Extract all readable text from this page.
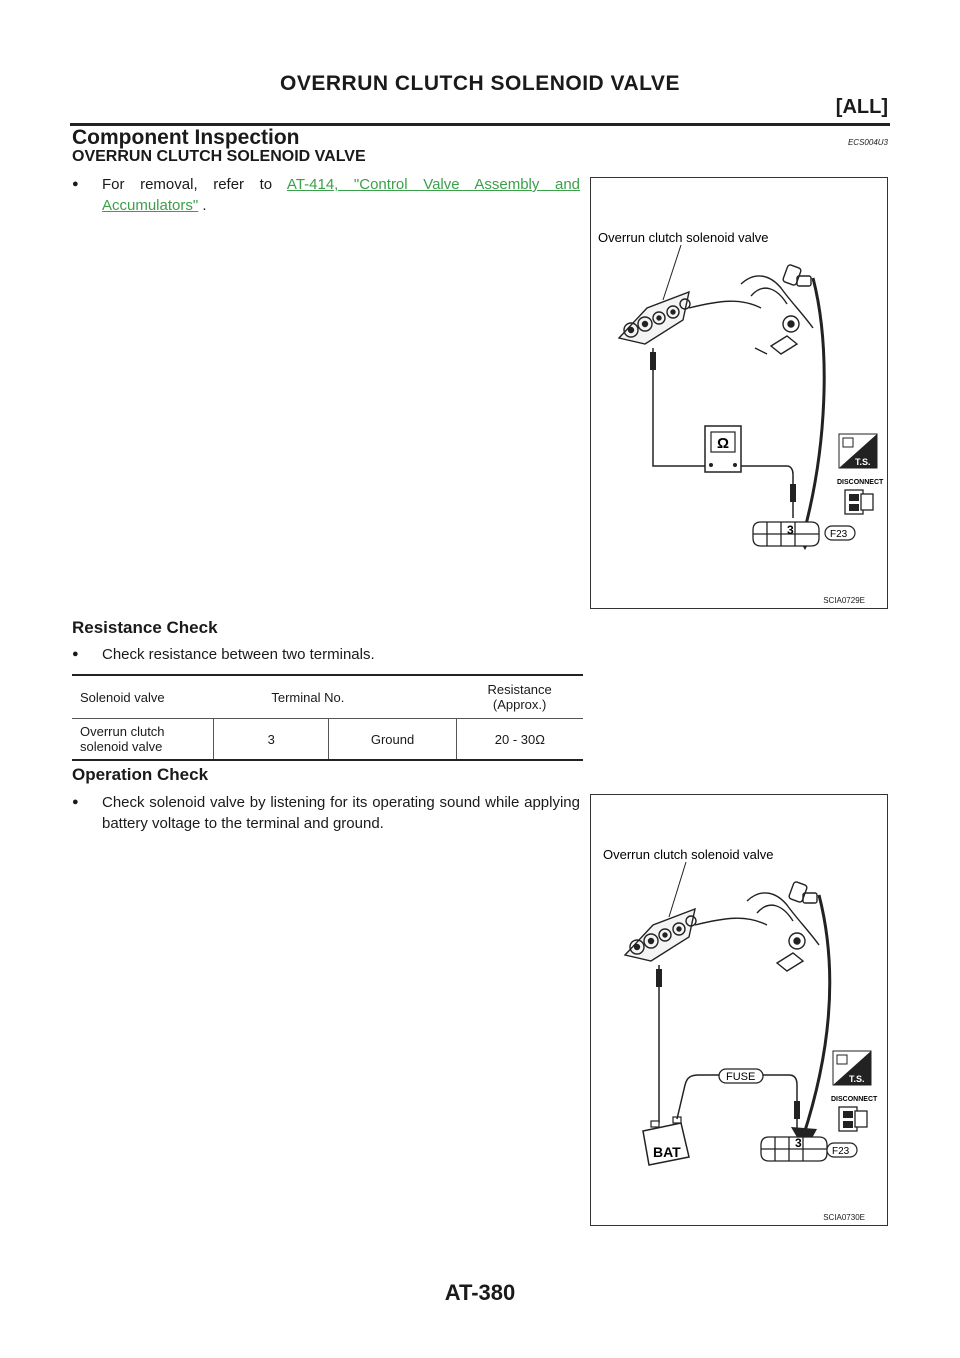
OVERRUN CLUTCH SOLENOID VALVE
[ALL]
Component Inspection	ECS004U3
OVERRUN CLUTCH SOLENOID VALVE
● For removal, refer to AT-414, "Control Valve Assembly and Accumulators" .
Overrun clutch solenoid valve
Ω
3	F23
T.S.
DISCONNECT
SCIA0729E
Resistance Check
● Check resistance between two terminals.
Solenoid valve	Terminal No.		Resistance (Approx.)
Overrun clutch solenoid valve	3	Ground	20 - 30Ω
Operation Check
● Check solenoid valve by listening for its operating sound while applying battery voltage to the terminal and ground.
Overrun clutch solenoid valve
BAT
FUSE
3
F23
T.S.
DISCONNECT
SCIA0730E
AT-380
